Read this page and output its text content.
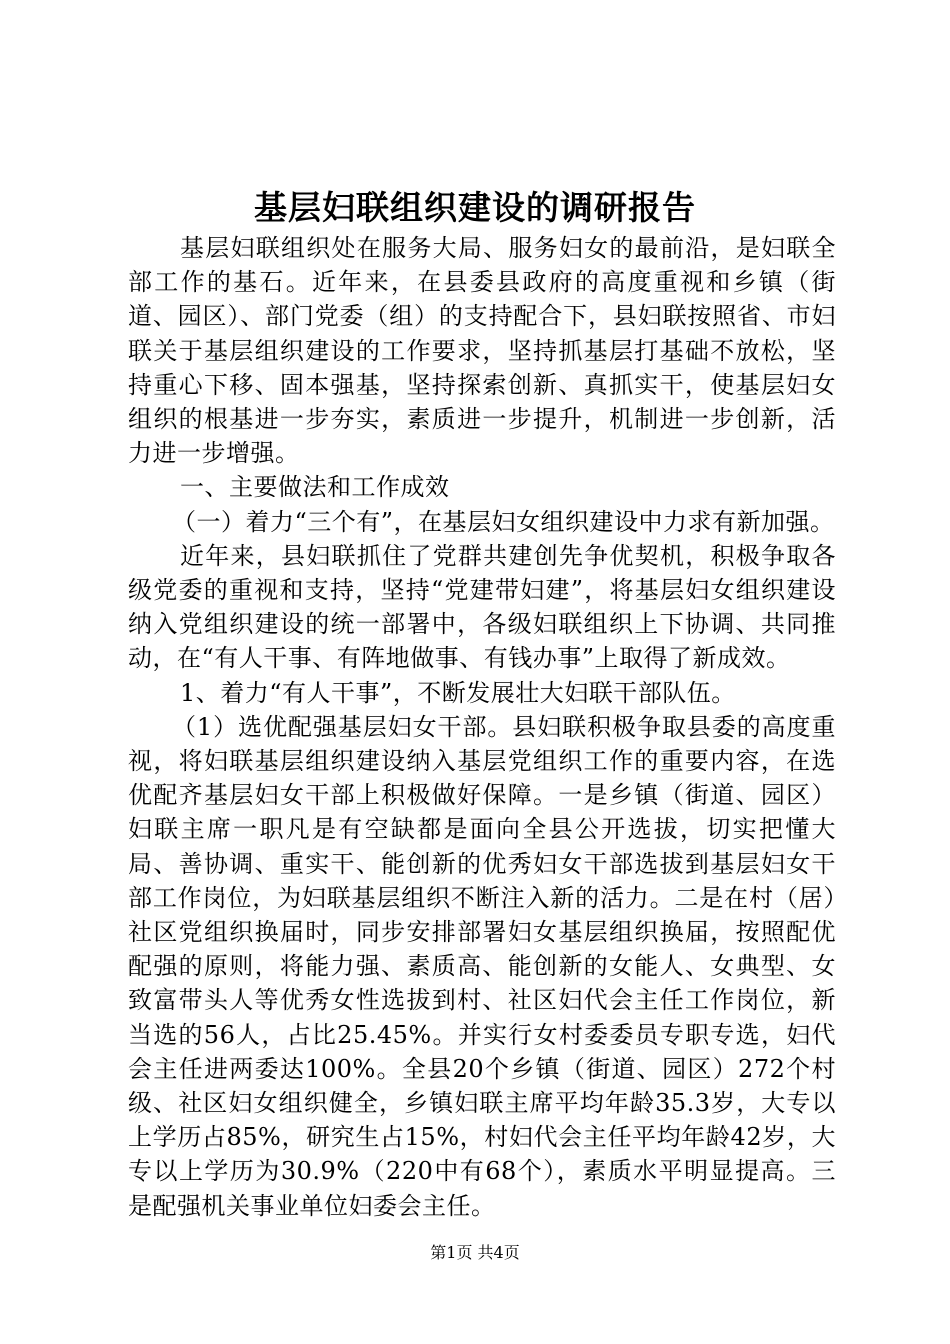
基层妇联组织建设的调研报告

基层妇联组织处在服务大局、服务妇女的最前沿，是妇联全部工作的基石。近年来，在县委县政府的高度重视和乡镇（街道、园区）、部门党委（组）的支持配合下，县妇联按照省、市妇联关于基层组织建设的工作要求，坚持抓基层打基础不放松，坚持重心下移、固本强基，坚持探索创新、真抓实干，使基层妇女组织的根基进一步夯实，素质进一步提升，机制进一步创新，活力进一步增强。

一、主要做法和工作成效

（一）着力“三个有”，在基层妇女组织建设中力求有新加强。

近年来，县妇联抓住了党群共建创先争优契机，积极争取各级党委的重视和支持，坚持“党建带妇建”，将基层妇女组织建设纳入党组织建设的统一部署中，各级妇联组织上下协调、共同推动，在“有人干事、有阵地做事、有钱办事”上取得了新成效。

1、着力“有人干事”，不断发展壮大妇联干部队伍。

（1）选优配强基层妇女干部。县妇联积极争取县委的高度重视，将妇联基层组织建设纳入基层党组织工作的重要内容，在选优配齐基层妇女干部上积极做好保障。一是乡镇（街道、园区）妇联主席一职凡是有空缺都是面向全县公开选拔，切实把懂大局、善协调、重实干、能创新的优秀妇女干部选拔到基层妇女干部工作岗位，为妇联基层组织不断注入新的活力。二是在村（居）社区党组织换届时，同步安排部署妇女基层组织换届，按照配优配强的原则，将能力强、素质高、能创新的女能人、女典型、女致富带头人等优秀女性选拔到村、社区妇代会主任工作岗位，新当选的56人，占比25.45%。并实行女村委委员专职专选，妇代会主任进两委达100%。全县20个乡镇（街道、园区）272个村级、社区妇女组织健全，乡镇妇联主席平均年龄35.3岁，大专以上学历占85%，研究生占15%，村妇代会主任平均年龄42岁，大专以上学历为30.9%（220中有68个），素质水平明显提高。三是配强机关事业单位妇委会主任。

第1页 共4页
